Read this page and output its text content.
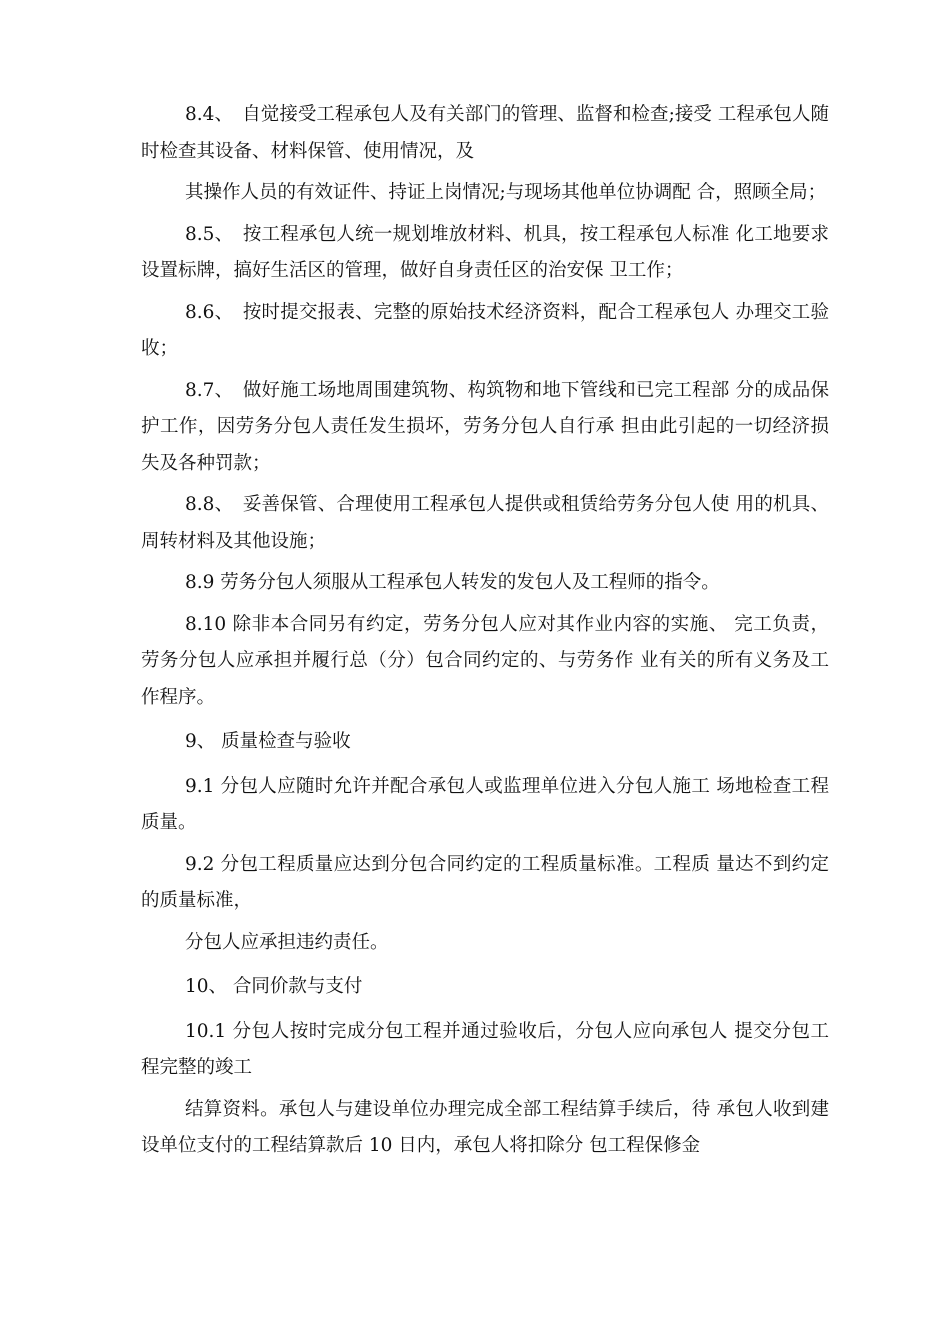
8.4、　自觉接受工程承包人及有关部门的管理、监督和检查;接受 工程承包人随时检查其设备、材料保管、使用情况，及

其操作人员的有效证件、持证上岗情况;与现场其他单位协调配 合，照顾全局；

8.5、　按工程承包人统一规划堆放材料、机具，按工程承包人标准 化工地要求设置标牌，搞好生活区的管理，做好自身责任区的治安保 卫工作；

8.6、　按时提交报表、完整的原始技术经济资料，配合工程承包人 办理交工验收；

8.7、　做好施工场地周围建筑物、构筑物和地下管线和已完工程部 分的成品保护工作，因劳务分包人责任发生损坏，劳务分包人自行承 担由此引起的一切经济损失及各种罚款；

8.8、　妥善保管、合理使用工程承包人提供或租赁给劳务分包人使 用的机具、周转材料及其他设施；

8.9 劳务分包人须服从工程承包人转发的发包人及工程师的指令。

8.10 除非本合同另有约定，劳务分包人应对其作业内容的实施、 完工负责，劳务分包人应承担并履行总（分）包合同约定的、与劳务作 业有关的所有义务及工作程序。

9、 质量检查与验收

9.1 分包人应随时允许并配合承包人或监理单位进入分包人施工 场地检查工程质量。

9.2 分包工程质量应达到分包合同约定的工程质量标准。工程质 量达不到约定的质量标准，

分包人应承担违约责任。

10、 合同价款与支付

10.1 分包人按时完成分包工程并通过验收后，分包人应向承包人 提交分包工程完整的竣工

结算资料。承包人与建设单位办理完成全部工程结算手续后，待 承包人收到建设单位支付的工程结算款后 10 日内，承包人将扣除分 包工程保修金
